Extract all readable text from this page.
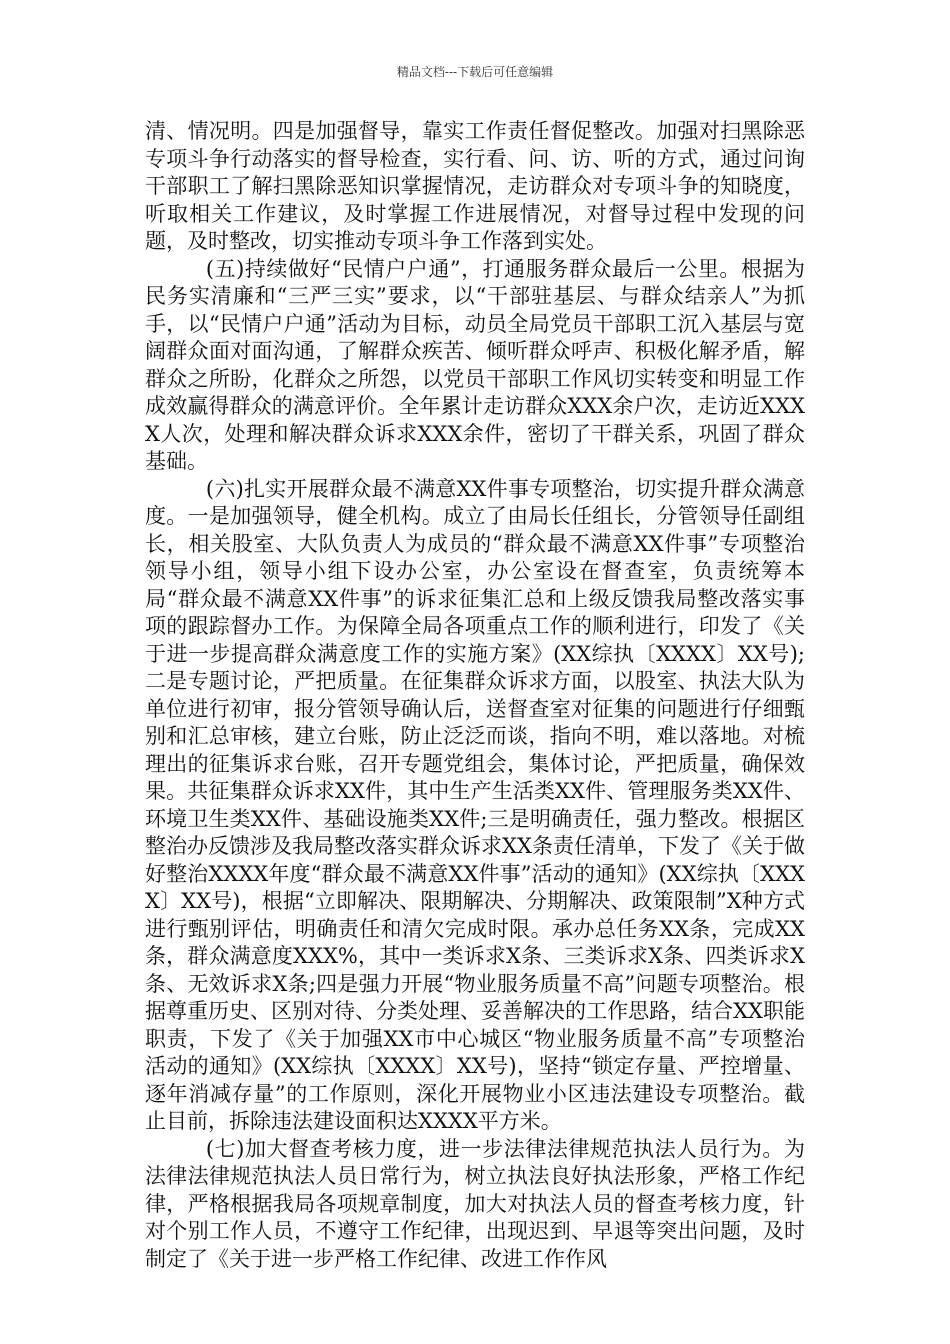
精品文档---下载后可任意编辑

清、情况明。四是加强督导，靠实工作责任督促整改。加强对扫黑除恶专项斗争行动落实的督导检查，实行看、问、访、听的方式，通过问询干部职工了解扫黑除恶知识掌握情况，走访群众对专项斗争的知晓度，听取相关工作建议，及时掌握工作进展情况，对督导过程中发现的问题，及时整改，切实推动专项斗争工作落到实处。

(五)持续做好“民情户户通”，打通服务群众最后一公里。根据为民务实清廉和“三严三实”要求，以“干部驻基层、与群众结亲人”为抓手，以“民情户户通”活动为目标，动员全局党员干部职工沉入基层与宽阔群众面对面沟通，了解群众疾苦、倾听群众呼声、积极化解矛盾，解群众之所盼，化群众之所怨，以党员干部职工作风切实转变和明显工作成效赢得群众的满意评价。全年累计走访群众XXX余户次，走访近XXXX人次，处理和解决群众诉求XXX余件，密切了干群关系，巩固了群众基础。

(六)扎实开展群众最不满意XX件事专项整治，切实提升群众满意度。一是加强领导，健全机构。成立了由局长任组长，分管领导任副组长，相关股室、大队负责人为成员的“群众最不满意XX件事”专项整治领导小组，领导小组下设办公室，办公室设在督查室，负责统筹本局“群众最不满意XX件事”的诉求征集汇总和上级反馈我局整改落实事项的跟踪督办工作。为保障全局各项重点工作的顺利进行，印发了《关于进一步提高群众满意度工作的实施方案》(XX综执〔XXXX〕XX号);二是专题讨论，严把质量。在征集群众诉求方面，以股室、执法大队为单位进行初审，报分管领导确认后，送督查室对征集的问题进行仔细甄别和汇总审核，建立台账，防止泛泛而谈，指向不明，难以落地。对梳理出的征集诉求台账，召开专题党组会，集体讨论，严把质量，确保效果。共征集群众诉求XX件，其中生产生活类XX件、管理服务类XX件、环境卫生类XX件、基础设施类XX件;三是明确责任，强力整改。根据区整治办反馈涉及我局整改落实群众诉求XX条责任清单，下发了《关于做好整治XXXX年度“群众最不满意XX件事”活动的通知》(XX综执〔XXXX〕XX号)，根据“立即解决、限期解决、分期解决、政策限制”X种方式进行甄别评估，明确责任和清欠完成时限。承办总任务XX条，完成XX条，群众满意度XXX%，其中一类诉求X条、三类诉求X条、四类诉求X条、无效诉求X条;四是强力开展“物业服务质量不高”问题专项整治。根据尊重历史、区别对待、分类处理、妥善解决的工作思路，结合XX职能职责，下发了《关于加强XX市中心城区“物业服务质量不高”专项整治活动的通知》(XX综执〔XXXX〕XX号)，坚持“锁定存量、严控增量、逐年消减存量”的工作原则，深化开展物业小区违法建设专项整治。截止目前，拆除违法建设面积达XXXX平方米。

(七)加大督查考核力度，进一步法律法律规范执法人员行为。为法律法律规范执法人员日常行为，树立执法良好执法形象，严格工作纪律，严格根据我局各项规章制度，加大对执法人员的督查考核力度，针对个别工作人员，不遵守工作纪律，出现迟到、早退等突出问题，及时制定了《关于进一步严格工作纪律、改进工作作风
